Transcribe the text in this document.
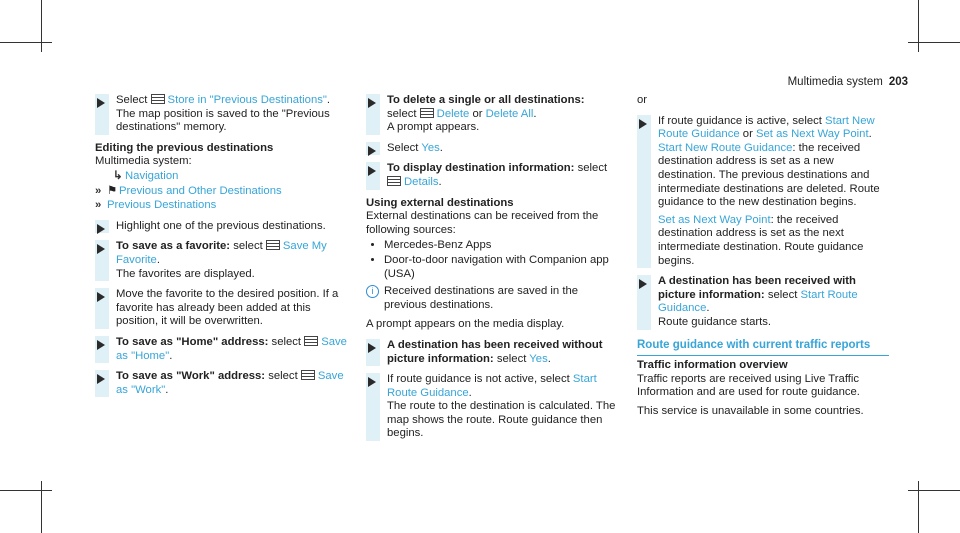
Multimedia system 203
Select Store in "Previous Destinations".
The map position is saved to the "Previous destinations" memory.
Editing the previous destinations
Multimedia system:
↳ Navigation
» ⚑ Previous and Other Destinations
» Previous Destinations
Highlight one of the previous destinations.
To save as a favorite: select Save My Favorite.
The favorites are displayed.
Move the favorite to the desired position. If a favorite has already been added at this position, it will be overwritten.
To save as "Home" address: select Save as "Home".
To save as "Work" address: select Save as "Work".
To delete a single or all destinations:
select Delete or Delete All.
A prompt appears.
Select Yes.
To display destination information: select
Details.
Using external destinations
External destinations can be received from the following sources:
• Mercedes-Benz Apps
• Door-to-door navigation with Companion app (USA)
i Received destinations are saved in the previous destinations.
A prompt appears on the media display.
A destination has been received without picture information: select Yes.
If route guidance is not active, select Start Route Guidance.
The route to the destination is calculated. The map shows the route. Route guidance then begins.
or
If route guidance is active, select Start New Route Guidance or Set as Next Way Point.
Start New Route Guidance: the received destination address is set as a new destination. The previous destinations and intermediate destinations are deleted. Route guidance to the new destination begins.
Set as Next Way Point: the received destination address is set as the next intermediate destination. Route guidance begins.
A destination has been received with picture information: select Start Route Guidance.
Route guidance starts.
Route guidance with current traffic reports
Traffic information overview
Traffic reports are received using Live Traffic Information and are used for route guidance.
This service is unavailable in some countries.
